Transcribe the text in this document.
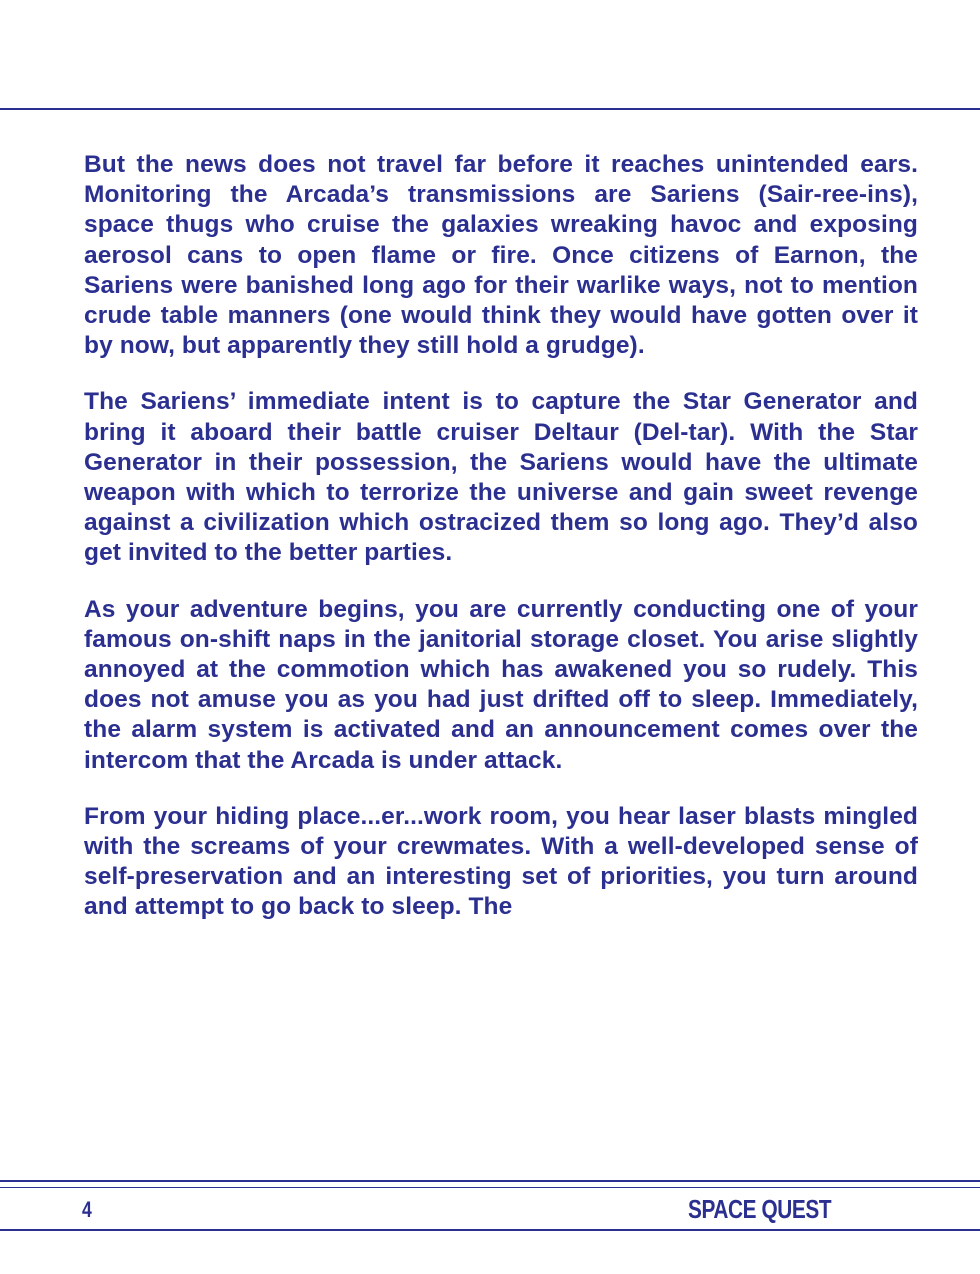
But the news does not travel far before it reaches unintended ears. Monitoring the Arcada’s transmissions are Sariens (Sair-ree-ins), space thugs who cruise the galaxies wreaking havoc and exposing aerosol cans to open flame or fire. Once citizens of Earnon, the Sariens were banished long ago for their warlike ways, not to mention crude table manners (one would think they would have gotten over it by now, but apparently they still hold a grudge).

The Sariens’ immediate intent is to capture the Star Generator and bring it aboard their battle cruiser Deltaur (Del-tar). With the Star Generator in their possession, the Sariens would have the ultimate weapon with which to terrorize the universe and gain sweet revenge against a civilization which ostracized them so long ago. They’d also get invited to the better parties.

As your adventure begins, you are currently conducting one of your famous on-shift naps in the janitorial storage closet. You arise slightly annoyed at the commotion which has awakened you so rudely. This does not amuse you as you had just drifted off to sleep. Immediately, the alarm system is activated and an announcement comes over the intercom that the Arcada is under attack.

From your hiding place...er...work room, you hear laser blasts mingled with the screams of your crewmates. With a well-developed sense of self-preservation and an interesting set of priorities, you turn around and attempt to go back to sleep. The

4	SPACE QUEST
